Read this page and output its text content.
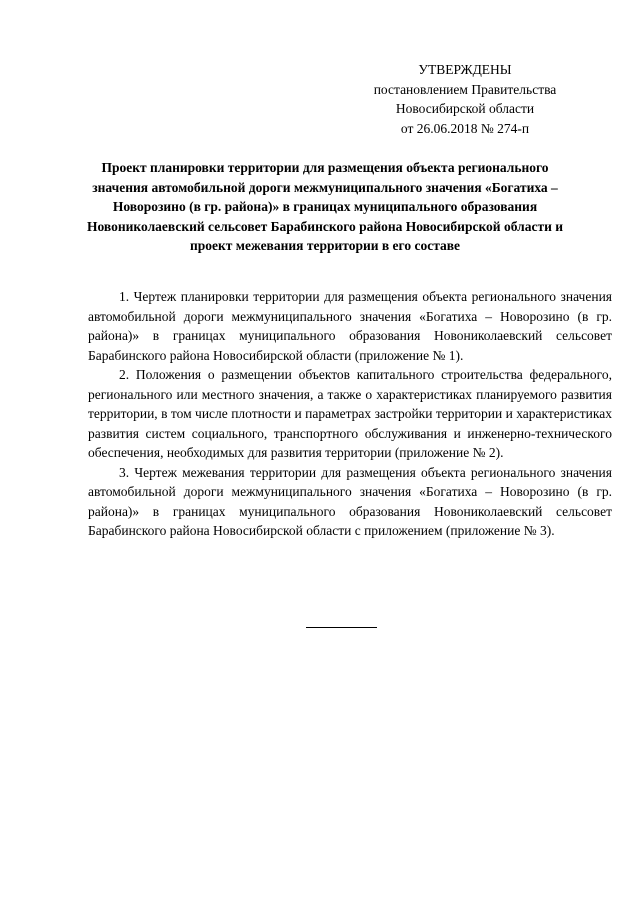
УТВЕРЖДЕНЫ
постановлением Правительства
Новосибирской области
от 26.06.2018 № 274-п
Проект планировки территории для размещения объекта регионального значения автомобильной дороги межмуниципального значения «Богатиха – Новорозино (в гр. района)» в границах муниципального образования Новониколаевский сельсовет Барабинского района Новосибирской области и проект межевания территории в его составе

1. Чертеж планировки территории для размещения объекта регионального значения автомобильной дороги межмуниципального значения «Богатиха – Новорозино (в гр. района)» в границах муниципального образования Новониколаевский сельсовет Барабинского района Новосибирской области (приложение № 1).

2. Положения о размещении объектов капитального строительства федерального, регионального или местного значения, а также о характеристиках планируемого развития территории, в том числе плотности и параметрах застройки территории и характеристиках развития систем социального, транспортного обслуживания и инженерно-технического обеспечения, необходимых для развития территории (приложение № 2).

3. Чертеж межевания территории для размещения объекта регионального значения автомобильной дороги межмуниципального значения «Богатиха – Новорозино (в гр. района)» в границах муниципального образования Новониколаевский сельсовет Барабинского района Новосибирской области с приложением (приложение № 3).
